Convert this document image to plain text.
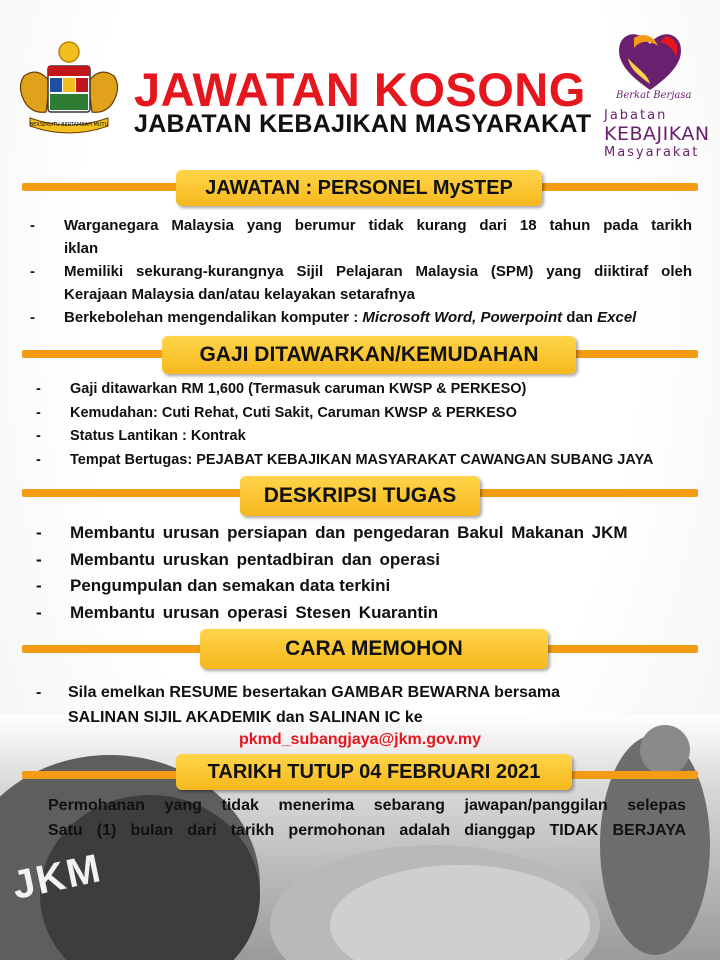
JKM
BERSEKUTU BERTAMBAH MUTU
JAWATAN KOSONG
JABATAN KEBAJIKAN MASYARAKAT
Berkat Berjasa
Jabatan
KEBAJIKAN
Masyarakat
JAWATAN : PERSONEL MySTEP
- Warganegara Malaysia yang berumur tidak kurang dari 18 tahun pada tarikh
iklan
- Memiliki sekurang-kurangnya Sijil Pelajaran Malaysia (SPM) yang diiktiraf oleh
Kerajaan Malaysia dan/atau kelayakan setarafnya
- Berkebolehan mengendalikan komputer : Microsoft Word, Powerpoint dan Excel
GAJI DITAWARKAN/KEMUDAHAN
- Gaji ditawarkan RM 1,600 (Termasuk caruman KWSP & PERKESO)
- Kemudahan: Cuti Rehat, Cuti Sakit, Caruman KWSP & PERKESO
- Status Lantikan : Kontrak
- Tempat Bertugas: PEJABAT KEBAJIKAN MASYARAKAT CAWANGAN SUBANG JAYA
DESKRIPSI TUGAS
- Membantu urusan persiapan dan pengedaran Bakul Makanan JKM
- Membantu uruskan pentadbiran dan operasi
- Pengumpulan dan semakan data terkini
- Membantu urusan operasi Stesen Kuarantin
CARA MEMOHON
- Sila emelkan RESUME besertakan GAMBAR BEWARNA bersama
SALINAN SIJIL AKADEMIK dan SALINAN IC ke
pkmd_subangjaya@jkm.gov.my
TARIKH TUTUP 04 FEBRUARI 2021
Permohanan yang tidak menerima sebarang jawapan/panggilan selepas
Satu (1) bulan dari tarikh permohonan adalah dianggap TIDAK BERJAYA
